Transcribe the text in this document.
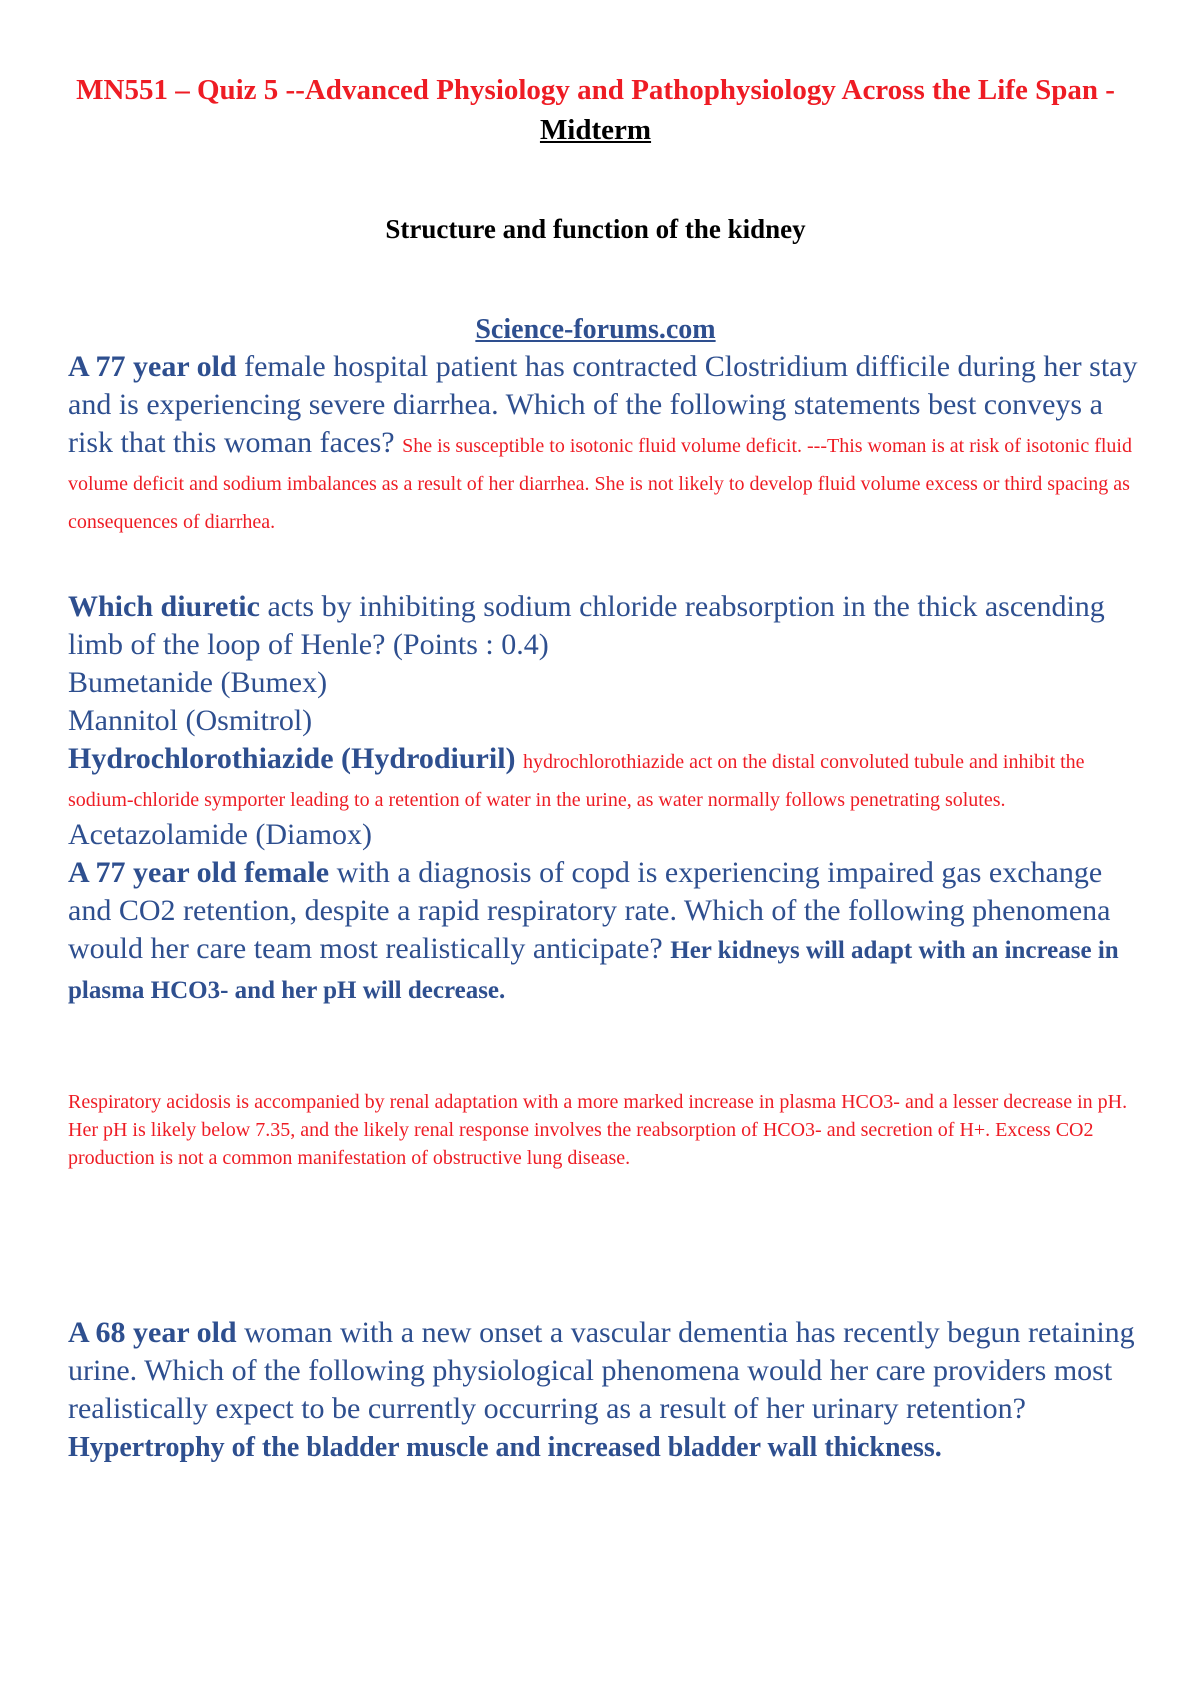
MN551 – Quiz 5 --Advanced Physiology and Pathophysiology Across the Life Span - Midterm
Structure and function of the kidney
Science-forums.com
A 77 year old female hospital patient has contracted Clostridium difficile during her stay and is experiencing severe diarrhea. Which of the following statements best conveys a risk that this woman faces? She is susceptible to isotonic fluid volume deficit. ---This woman is at risk of isotonic fluid volume deficit and sodium imbalances as a result of her diarrhea. She is not likely to develop fluid volume excess or third spacing as consequences of diarrhea.
Which diuretic acts by inhibiting sodium chloride reabsorption in the thick ascending limb of the loop of Henle? (Points : 0.4)
Bumetanide (Bumex)
Mannitol (Osmitrol)
Hydrochlorothiazide (Hydrodiuril) hydrochlorothiazide act on the distal convoluted tubule and inhibit the sodium-chloride symporter leading to a retention of water in the urine, as water normally follows penetrating solutes.
Acetazolamide (Diamox)
A 77 year old female with a diagnosis of copd is experiencing impaired gas exchange and CO2 retention, despite a rapid respiratory rate. Which of the following phenomena would her care team most realistically anticipate? Her kidneys will adapt with an increase in plasma HCO3- and her pH will decrease.
Respiratory acidosis is accompanied by renal adaptation with a more marked increase in plasma HCO3- and a lesser decrease in pH. Her pH is likely below 7.35, and the likely renal response involves the reabsorption of HCO3- and secretion of H+. Excess CO2 production is not a common manifestation of obstructive lung disease.
A 68 year old woman with a new onset a vascular dementia has recently begun retaining urine. Which of the following physiological phenomena would her care providers most realistically expect to be currently occurring as a result of her urinary retention? Hypertrophy of the bladder muscle and increased bladder wall thickness.
